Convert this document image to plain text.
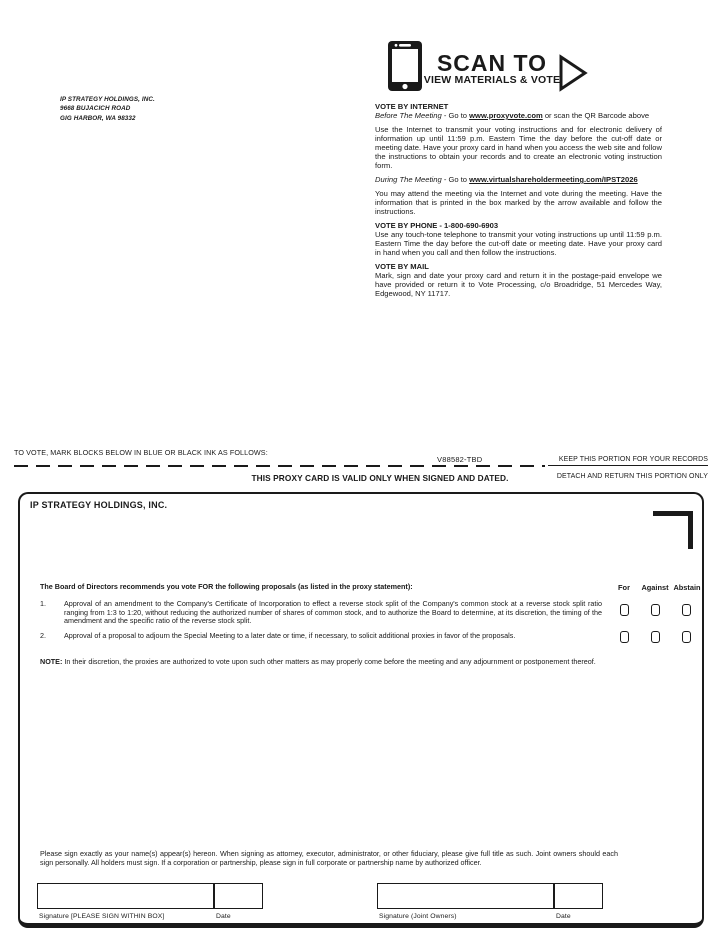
SCAN TO
VIEW MATERIALS & VOTE
IP STRATEGY HOLDINGS, INC.
9668 BUJACICH ROAD
GIG HARBOR, WA 98332
VOTE BY INTERNET

Before The Meeting - Go to www.proxyvote.com or scan the QR Barcode above

Use the Internet to transmit your voting instructions and for electronic delivery of information up until 11:59 p.m. Eastern Time the day before the cut-off date or meeting date. Have your proxy card in hand when you access the web site and follow the instructions to obtain your records and to create an electronic voting instruction form.

During The Meeting - Go to www.virtualshareholdermeeting.com/IPST2026

You may attend the meeting via the Internet and vote during the meeting. Have the information that is printed in the box marked by the arrow available and follow the instructions.

VOTE BY PHONE - 1-800-690-6903

Use any touch-tone telephone to transmit your voting instructions up until 11:59 p.m. Eastern Time the day before the cut-off date or meeting date. Have your proxy card in hand when you call and then follow the instructions.

VOTE BY MAIL

Mark, sign and date your proxy card and return it in the postage-paid envelope we have provided or return it to Vote Processing, c/o Broadridge, 51 Mercedes Way, Edgewood, NY 11717.

TO VOTE, MARK BLOCKS BELOW IN BLUE OR BLACK INK AS FOLLOWS:
V88582-TBD	KEEP THIS PORTION FOR YOUR RECORDS
THIS PROXY CARD IS VALID ONLY WHEN SIGNED AND DATED.	DETACH AND RETURN THIS PORTION ONLY
IP STRATEGY HOLDINGS, INC.
The Board of Directors recommends you vote FOR the following proposals (as listed in the proxy statement):	For	Against Abstain
1.	Approval of an amendment to the Company's Certificate of Incorporation to effect a reverse stock split of the Company's common stock at a reverse stock split ratio ranging from 1:3 to 1:20, without reducing the authorized number of shares of common stock, and to authorize the Board to determine, at its discretion, the timing of the amendment and the specific ratio of the reverse stock split.
2.	Approval of a proposal to adjourn the Special Meeting to a later date or time, if necessary, to solicit additional proxies in favor of the proposals.
NOTE: In their discretion, the proxies are authorized to vote upon such other matters as may properly come before the meeting and any adjournment or postponement thereof.
Please sign exactly as your name(s) appear(s) hereon. When signing as attorney, executor, administrator, or other fiduciary, please give full title as such. Joint owners should each sign personally. All holders must sign. If a corporation or partnership, please sign in full corporate or partnership name by authorized officer.
Signature [PLEASE SIGN WITHIN BOX]	Date	Signature (Joint Owners)	Date
